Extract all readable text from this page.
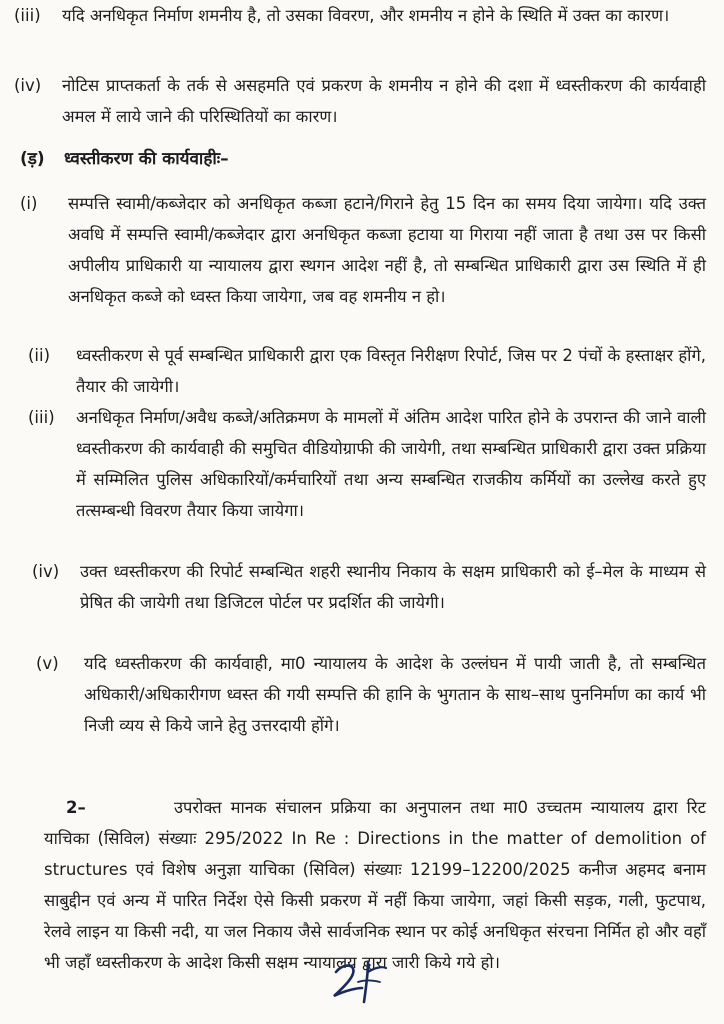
(iii) यदि अनधिकृत निर्माण शमनीय है, तो उसका विवरण, और शमनीय न होने के स्थिति में उक्त का कारण।
(iv) नोटिस प्राप्तकर्ता के तर्क से असहमति एवं प्रकरण के शमनीय न होने की दशा में ध्वस्तीकरण की कार्यवाही अमल में लाये जाने की परिस्थितियों का कारण।
(ड़) ध्वस्तीकरण की कार्यवाहीः–
(i) सम्पत्ति स्वामी/कब्जेदार को अनधिकृत कब्जा हटाने/गिराने हेतु 15 दिन का समय दिया जायेगा। यदि उक्त अवधि में सम्पत्ति स्वामी/कब्जेदार द्वारा अनधिकृत कब्जा हटाया या गिराया नहीं जाता है तथा उस पर किसी अपीलीय प्राधिकारी या न्यायालय द्वारा स्थगन आदेश नहीं है, तो सम्बन्धित प्राधिकारी द्वारा उस स्थिति में ही अनधिकृत कब्जे को ध्वस्त किया जायेगा, जब वह शमनीय न हो।
(ii) ध्वस्तीकरण से पूर्व सम्बन्धित प्राधिकारी द्वारा एक विस्तृत निरीक्षण रिपोर्ट, जिस पर 2 पंचों के हस्ताक्षर होंगे, तैयार की जायेगी।
(iii) अनधिकृत निर्माण/अवैध कब्जे/अतिक्रमण के मामलों में अंतिम आदेश पारित होने के उपरान्त की जाने वाली ध्वस्तीकरण की कार्यवाही की समुचित वीडियोग्राफी की जायेगी, तथा सम्बन्धित प्राधिकारी द्वारा उक्त प्रक्रिया में सम्मिलित पुलिस अधिकारियों/कर्मचारियों तथा अन्य सम्बन्धित राजकीय कर्मियों का उल्लेख करते हुए तत्सम्बन्धी विवरण तैयार किया जायेगा।
(iv) उक्त ध्वस्तीकरण की रिपोर्ट सम्बन्धित शहरी स्थानीय निकाय के सक्षम प्राधिकारी को ई–मेल के माध्यम से प्रेषित की जायेगी तथा डिजिटल पोर्टल पर प्रदर्शित की जायेगी।
(v) यदि ध्वस्तीकरण की कार्यवाही, मा0 न्यायालय के आदेश के उल्लंघन में पायी जाती है, तो सम्बन्धित अधिकारी/अधिकारीगण ध्वस्त की गयी सम्पत्ति की हानि के भुगतान के साथ–साथ पुननिर्माण का कार्य भी निजी व्यय से किये जाने हेतु उत्तरदायी होंगे।
2–	उपरोक्त मानक संचालन प्रक्रिया का अनुपालन तथा मा0 उच्चतम न्यायालय द्वारा रिट याचिका (सिविल) संख्याः 295/2022 In Re : Directions in the matter of demolition of structures एवं विशेष अनुज्ञा याचिका (सिविल) संख्याः 12199–12200/2025 कनीज अहमद बनाम साबुद्दीन एवं अन्य में पारित निर्देश ऐसे किसी प्रकरण में नहीं किया जायेगा, जहां किसी सड़क, गली, फुटपाथ, रेलवे लाइन या किसी नदी, या जल निकाय जैसे सार्वजनिक स्थान पर कोई अनधिकृत संरचना निर्मित हो और वहाँ भी जहाँ ध्वस्तीकरण के आदेश किसी सक्षम न्यायालय द्वारा जारी किये गये हो।
